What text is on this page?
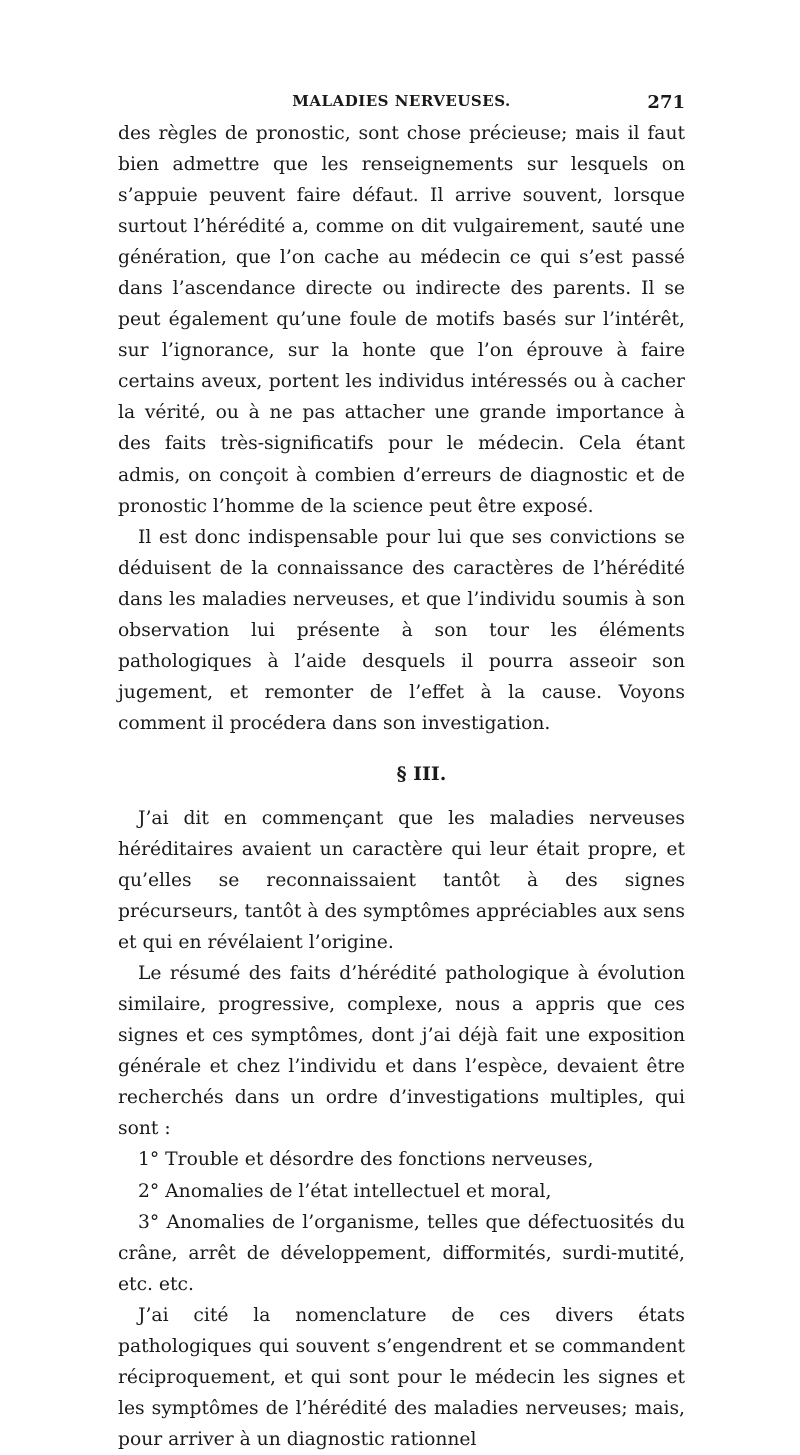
MALADIES NERVEUSES.	271

des règles de pronostic, sont chose précieuse; mais il faut bien admettre que les renseignements sur lesquels on s’appuie peuvent faire défaut. Il arrive souvent, lorsque surtout l’hérédité a, comme on dit vulgairement, sauté une génération, que l’on cache au médecin ce qui s’est passé dans l’ascendance directe ou indirecte des parents. Il se peut également qu’une foule de motifs basés sur l’intérêt, sur l’ignorance, sur la honte que l’on éprouve à faire certains aveux, portent les individus intéressés ou à cacher la vérité, ou à ne pas attacher une grande importance à des faits très-significatifs pour le médecin. Cela étant admis, on conçoit à combien d’erreurs de diagnostic et de pronostic l’homme de la science peut être exposé.

Il est donc indispensable pour lui que ses convictions se déduisent de la connaissance des caractères de l’hérédité dans les maladies nerveuses, et que l’individu soumis à son observation lui présente à son tour les éléments pathologiques à l’aide desquels il pourra asseoir son jugement, et remonter de l’effet à la cause. Voyons comment il procédera dans son investigation.

§ III.

J’ai dit en commençant que les maladies nerveuses héréditaires avaient un caractère qui leur était propre, et qu’elles se reconnaissaient tantôt à des signes précurseurs, tantôt à des symptômes appréciables aux sens et qui en révélaient l’origine.

Le résumé des faits d’hérédité pathologique à évolution similaire, progressive, complexe, nous a appris que ces signes et ces symptômes, dont j’ai déjà fait une exposition générale et chez l’individu et dans l’espèce, devaient être recherchés dans un ordre d’investigations multiples, qui sont :

1° Trouble et désordre des fonctions nerveuses,

2° Anomalies de l’état intellectuel et moral,

3° Anomalies de l’organisme, telles que défectuosités du crâne, arrêt de développement, difformités, surdi-mutité, etc. etc.

J’ai cité la nomenclature de ces divers états pathologiques qui souvent s’engendrent et se commandent réciproquement, et qui sont pour le médecin les signes et les symptômes de l’hérédité des maladies nerveuses; mais, pour arriver à un diagnostic rationnel
